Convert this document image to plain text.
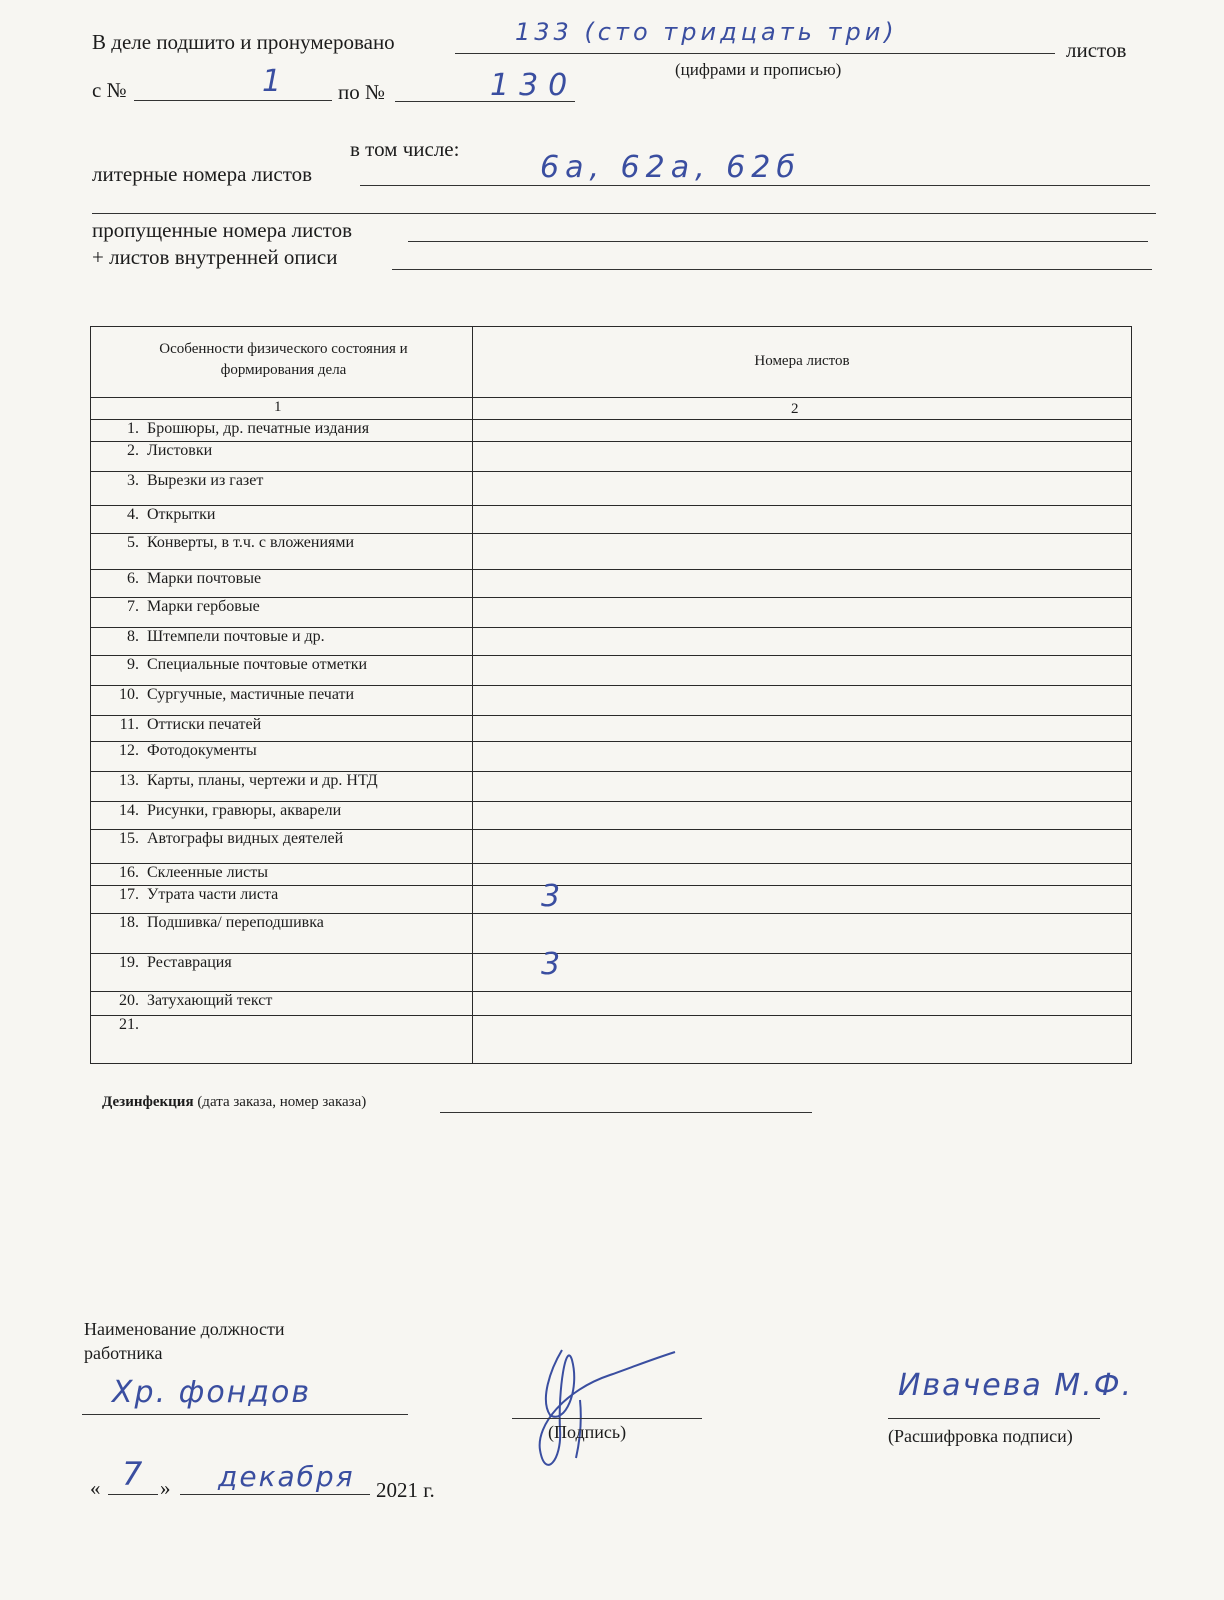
В деле подшито и пронумеровано	133 (сто тридцать три)
листов
(цифрами и прописью)
с №	1	по №	130
в том числе:
литерные номера листов	6а, 62а, 62б
пропущенные номера листов
+ листов внутренней описи
Особенности физического состояния и формирования дела
Номера листов
1	2
1. Брошюры, др. печатные издания
2. Листовки
3. Вырезки из газет
4. Открытки
5. Конверты, в т.ч. с вложениями
6. Марки почтовые
7. Марки гербовые
8. Штемпели почтовые и др.
9. Специальные почтовые отметки
10. Сургучные, мастичные печати
11. Оттиски печатей
12. Фотодокументы
13. Карты, планы, чертежи и др. НТД
14. Рисунки, гравюры, акварели
15. Автографы видных деятелей
16. Склеенные листы
17. Утрата части листа	3
18. Подшивка/ переподшивка
19. Реставрация	3
20. Затухающий текст
21.
Дезинфекция (дата заказа, номер заказа)
Наименование должности работника
Хр. фондов
(Подпись)
Ивачева М.Ф.
(Расшифровка подписи)
« 7 » декабря 2021 г.
